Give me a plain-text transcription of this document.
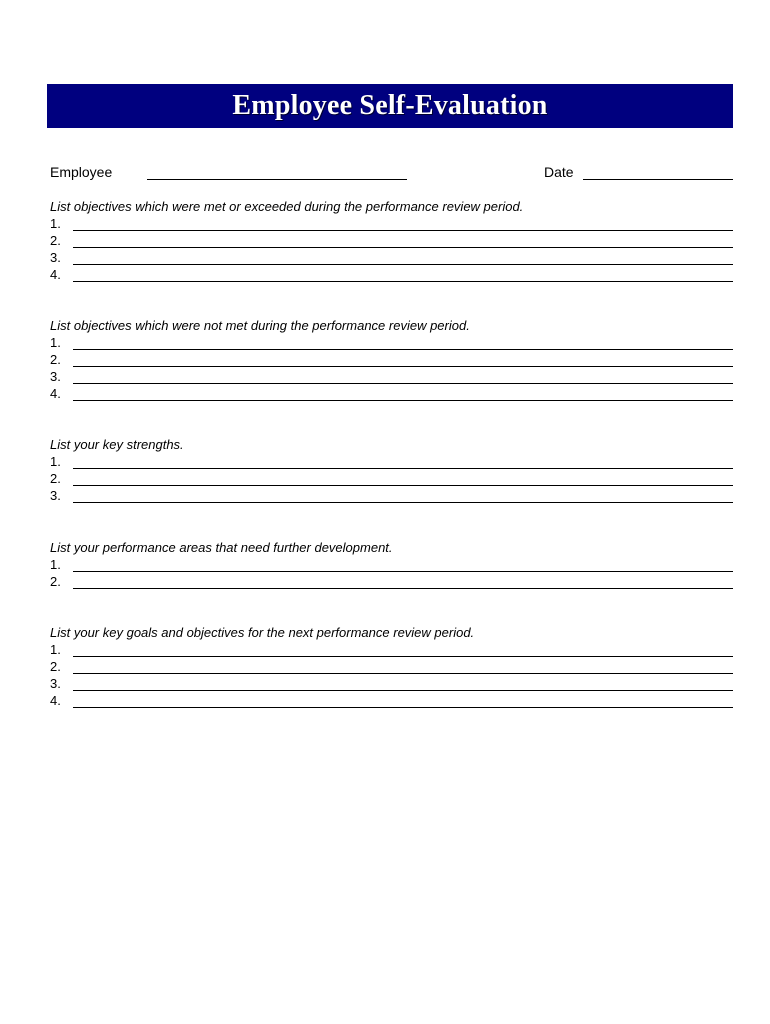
Employee Self-Evaluation
Employee	Date
List objectives which were met or exceeded during the performance review period.
1.
2.
3.
4.
List objectives which were not met during the performance review period.
1.
2.
3.
4.
List your key strengths.
1.
2.
3.
List your performance areas that need further development.
1.
2.
List your key goals and objectives for the next performance review period.
1.
2.
3.
4.
